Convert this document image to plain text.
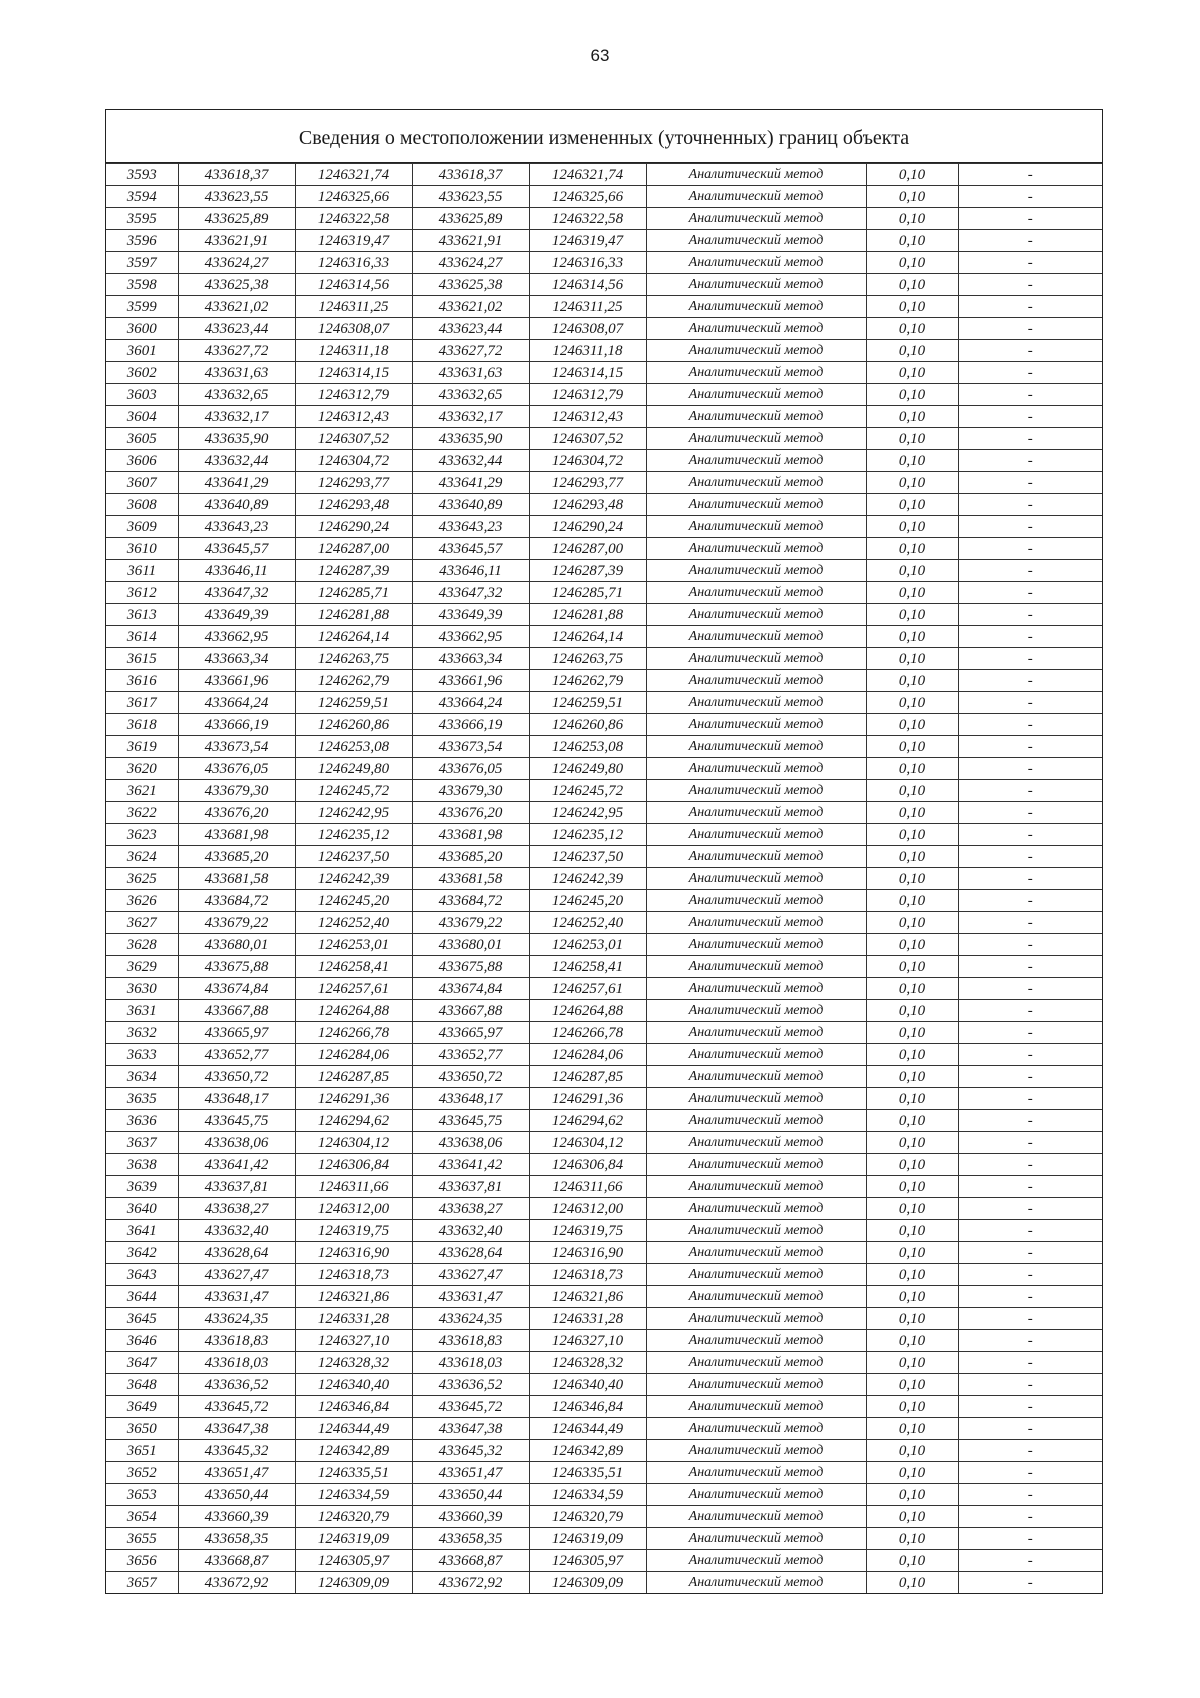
63
Сведения о местоположении измененных (уточненных) границ объекта
3593	433618,37	1246321,74	433618,37	1246321,74	Аналитический метод	0,10	-
3594	433623,55	1246325,66	433623,55	1246325,66	Аналитический метод	0,10	-
3595	433625,89	1246322,58	433625,89	1246322,58	Аналитический метод	0,10	-
3596	433621,91	1246319,47	433621,91	1246319,47	Аналитический метод	0,10	-
3597	433624,27	1246316,33	433624,27	1246316,33	Аналитический метод	0,10	-
3598	433625,38	1246314,56	433625,38	1246314,56	Аналитический метод	0,10	-
3599	433621,02	1246311,25	433621,02	1246311,25	Аналитический метод	0,10	-
3600	433623,44	1246308,07	433623,44	1246308,07	Аналитический метод	0,10	-
3601	433627,72	1246311,18	433627,72	1246311,18	Аналитический метод	0,10	-
3602	433631,63	1246314,15	433631,63	1246314,15	Аналитический метод	0,10	-
3603	433632,65	1246312,79	433632,65	1246312,79	Аналитический метод	0,10	-
3604	433632,17	1246312,43	433632,17	1246312,43	Аналитический метод	0,10	-
3605	433635,90	1246307,52	433635,90	1246307,52	Аналитический метод	0,10	-
3606	433632,44	1246304,72	433632,44	1246304,72	Аналитический метод	0,10	-
3607	433641,29	1246293,77	433641,29	1246293,77	Аналитический метод	0,10	-
3608	433640,89	1246293,48	433640,89	1246293,48	Аналитический метод	0,10	-
3609	433643,23	1246290,24	433643,23	1246290,24	Аналитический метод	0,10	-
3610	433645,57	1246287,00	433645,57	1246287,00	Аналитический метод	0,10	-
3611	433646,11	1246287,39	433646,11	1246287,39	Аналитический метод	0,10	-
3612	433647,32	1246285,71	433647,32	1246285,71	Аналитический метод	0,10	-
3613	433649,39	1246281,88	433649,39	1246281,88	Аналитический метод	0,10	-
3614	433662,95	1246264,14	433662,95	1246264,14	Аналитический метод	0,10	-
3615	433663,34	1246263,75	433663,34	1246263,75	Аналитический метод	0,10	-
3616	433661,96	1246262,79	433661,96	1246262,79	Аналитический метод	0,10	-
3617	433664,24	1246259,51	433664,24	1246259,51	Аналитический метод	0,10	-
3618	433666,19	1246260,86	433666,19	1246260,86	Аналитический метод	0,10	-
3619	433673,54	1246253,08	433673,54	1246253,08	Аналитический метод	0,10	-
3620	433676,05	1246249,80	433676,05	1246249,80	Аналитический метод	0,10	-
3621	433679,30	1246245,72	433679,30	1246245,72	Аналитический метод	0,10	-
3622	433676,20	1246242,95	433676,20	1246242,95	Аналитический метод	0,10	-
3623	433681,98	1246235,12	433681,98	1246235,12	Аналитический метод	0,10	-
3624	433685,20	1246237,50	433685,20	1246237,50	Аналитический метод	0,10	-
3625	433681,58	1246242,39	433681,58	1246242,39	Аналитический метод	0,10	-
3626	433684,72	1246245,20	433684,72	1246245,20	Аналитический метод	0,10	-
3627	433679,22	1246252,40	433679,22	1246252,40	Аналитический метод	0,10	-
3628	433680,01	1246253,01	433680,01	1246253,01	Аналитический метод	0,10	-
3629	433675,88	1246258,41	433675,88	1246258,41	Аналитический метод	0,10	-
3630	433674,84	1246257,61	433674,84	1246257,61	Аналитический метод	0,10	-
3631	433667,88	1246264,88	433667,88	1246264,88	Аналитический метод	0,10	-
3632	433665,97	1246266,78	433665,97	1246266,78	Аналитический метод	0,10	-
3633	433652,77	1246284,06	433652,77	1246284,06	Аналитический метод	0,10	-
3634	433650,72	1246287,85	433650,72	1246287,85	Аналитический метод	0,10	-
3635	433648,17	1246291,36	433648,17	1246291,36	Аналитический метод	0,10	-
3636	433645,75	1246294,62	433645,75	1246294,62	Аналитический метод	0,10	-
3637	433638,06	1246304,12	433638,06	1246304,12	Аналитический метод	0,10	-
3638	433641,42	1246306,84	433641,42	1246306,84	Аналитический метод	0,10	-
3639	433637,81	1246311,66	433637,81	1246311,66	Аналитический метод	0,10	-
3640	433638,27	1246312,00	433638,27	1246312,00	Аналитический метод	0,10	-
3641	433632,40	1246319,75	433632,40	1246319,75	Аналитический метод	0,10	-
3642	433628,64	1246316,90	433628,64	1246316,90	Аналитический метод	0,10	-
3643	433627,47	1246318,73	433627,47	1246318,73	Аналитический метод	0,10	-
3644	433631,47	1246321,86	433631,47	1246321,86	Аналитический метод	0,10	-
3645	433624,35	1246331,28	433624,35	1246331,28	Аналитический метод	0,10	-
3646	433618,83	1246327,10	433618,83	1246327,10	Аналитический метод	0,10	-
3647	433618,03	1246328,32	433618,03	1246328,32	Аналитический метод	0,10	-
3648	433636,52	1246340,40	433636,52	1246340,40	Аналитический метод	0,10	-
3649	433645,72	1246346,84	433645,72	1246346,84	Аналитический метод	0,10	-
3650	433647,38	1246344,49	433647,38	1246344,49	Аналитический метод	0,10	-
3651	433645,32	1246342,89	433645,32	1246342,89	Аналитический метод	0,10	-
3652	433651,47	1246335,51	433651,47	1246335,51	Аналитический метод	0,10	-
3653	433650,44	1246334,59	433650,44	1246334,59	Аналитический метод	0,10	-
3654	433660,39	1246320,79	433660,39	1246320,79	Аналитический метод	0,10	-
3655	433658,35	1246319,09	433658,35	1246319,09	Аналитический метод	0,10	-
3656	433668,87	1246305,97	433668,87	1246305,97	Аналитический метод	0,10	-
3657	433672,92	1246309,09	433672,92	1246309,09	Аналитический метод	0,10	-
